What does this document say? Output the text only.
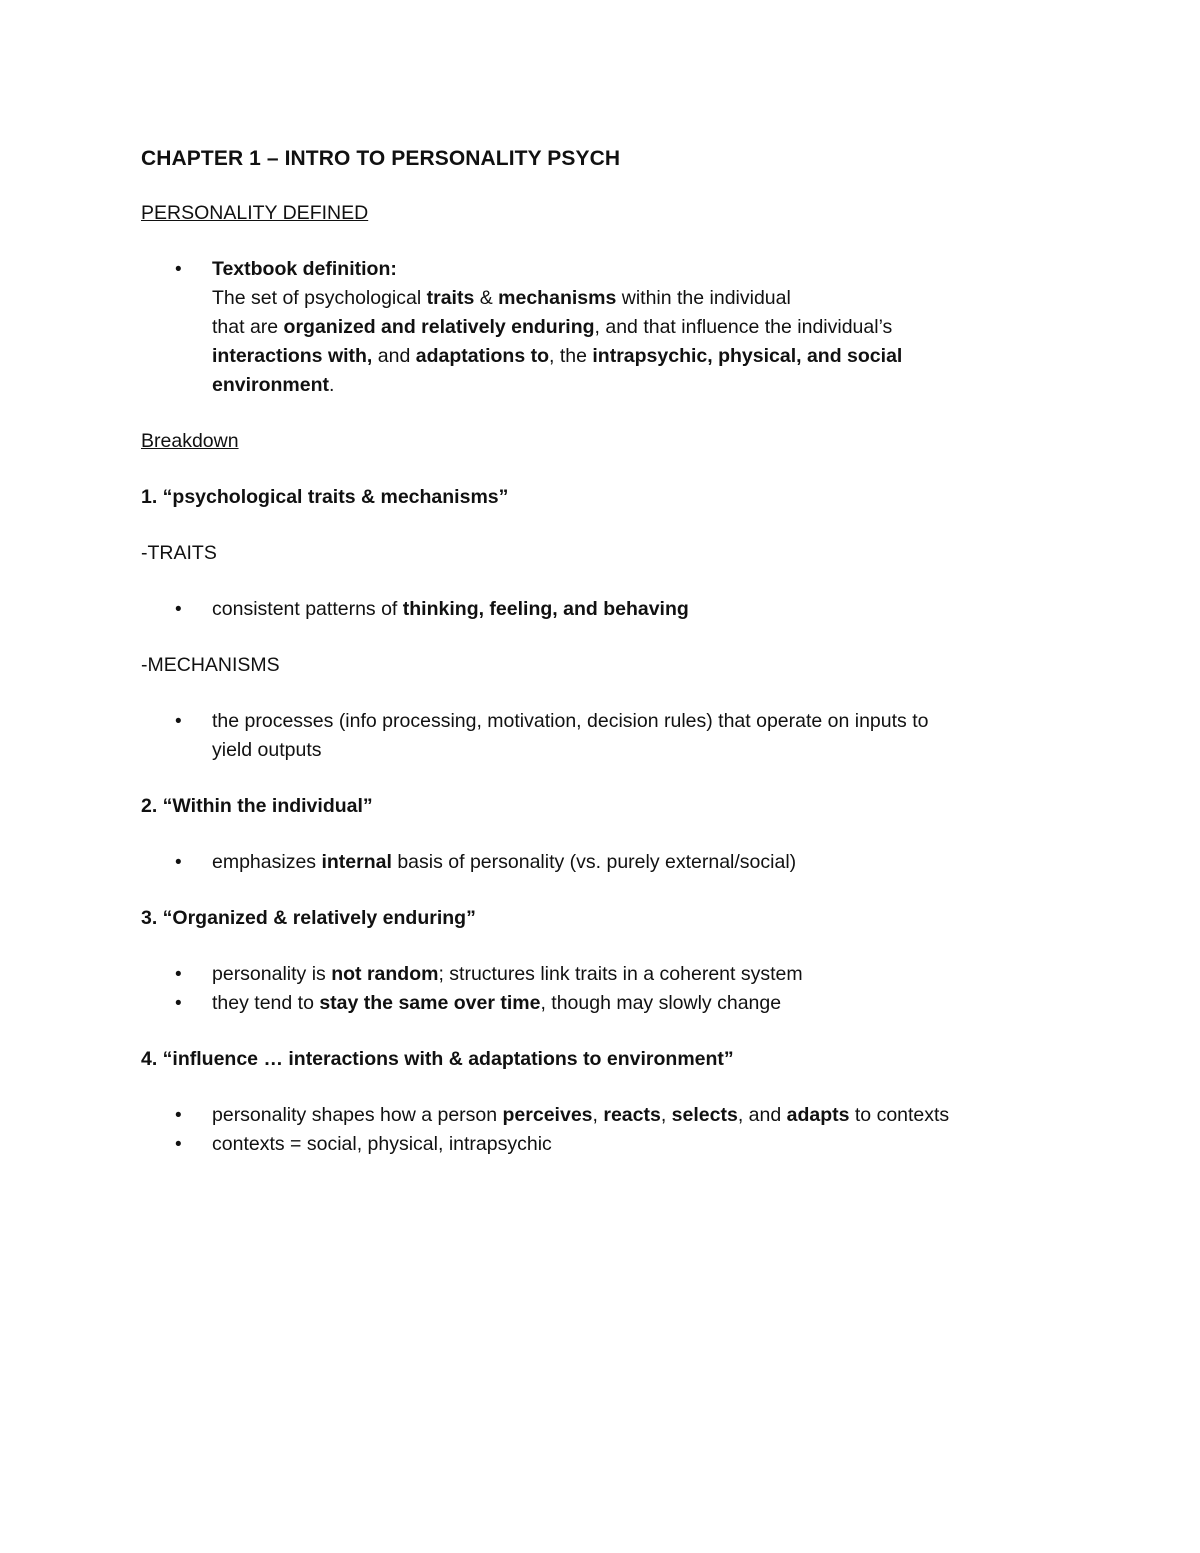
CHAPTER 1 – INTRO TO PERSONALITY PSYCH
PERSONALITY DEFINED
• Textbook definition:
The set of psychological traits & mechanisms within the individual
that are organized and relatively enduring, and that influence the individual’s
interactions with, and adaptations to, the intrapsychic, physical, and social
environment.
Breakdown
1. “psychological traits & mechanisms”
-TRAITS
• consistent patterns of thinking, feeling, and behaving
-MECHANISMS
• the processes (info processing, motivation, decision rules) that operate on inputs to
yield outputs
2. “Within the individual”
• emphasizes internal basis of personality (vs. purely external/social)
3. “Organized & relatively enduring”
• personality is not random; structures link traits in a coherent system
• they tend to stay the same over time, though may slowly change
4. “influence … interactions with & adaptations to environment”
• personality shapes how a person perceives, reacts, selects, and adapts to contexts
• contexts = social, physical, intrapsychic
